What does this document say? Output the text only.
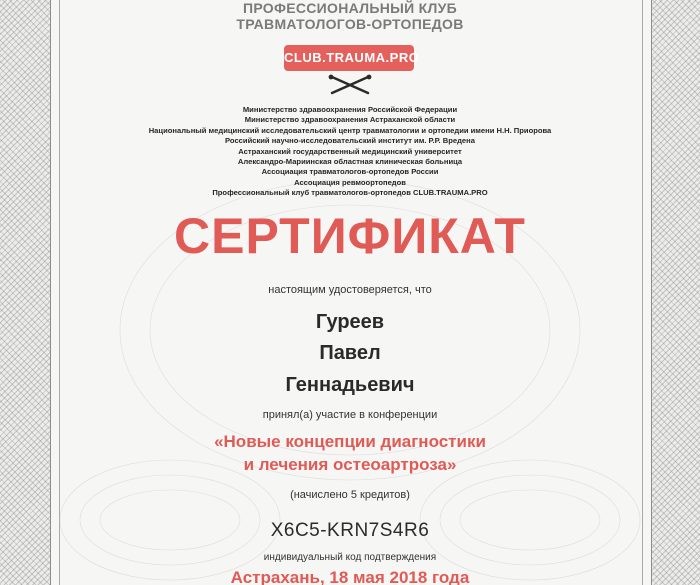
ПРОФЕССИОНАЛЬНЫЙ КЛУБ
ТРАВМАТОЛОГОВ-ОРТОПЕДОВ
CLUB.TRAUMA.PRO
Министерство здравоохранения Российской Федерации
Министерство здравоохранения Астраханской области
Национальный медицинский исследовательский центр травматологии и ортопедии имени Н.Н. Приорова
Российский научно-исследовательский институт им. Р.Р. Вредена
Астраханский государственный медицинский университет
Александро-Мариинская областная клиническая больница
Ассоциация травматологов-ортопедов России
Ассоциация ревмоортопедов
Профессиональный клуб травматологов-ортопедов CLUB.TRAUMA.PRO
СЕРТИФИКАТ
настоящим удостоверяется, что
Гуреев
Павел
Геннадьевич
принял(а) участие в конференции
«Новые концепции диагностики
и лечения остеоартроза»
(начислено 5 кредитов)
X6C5-KRN7S4R6
индивидуальный код подтверждения
Астрахань, 18 мая 2018 года
